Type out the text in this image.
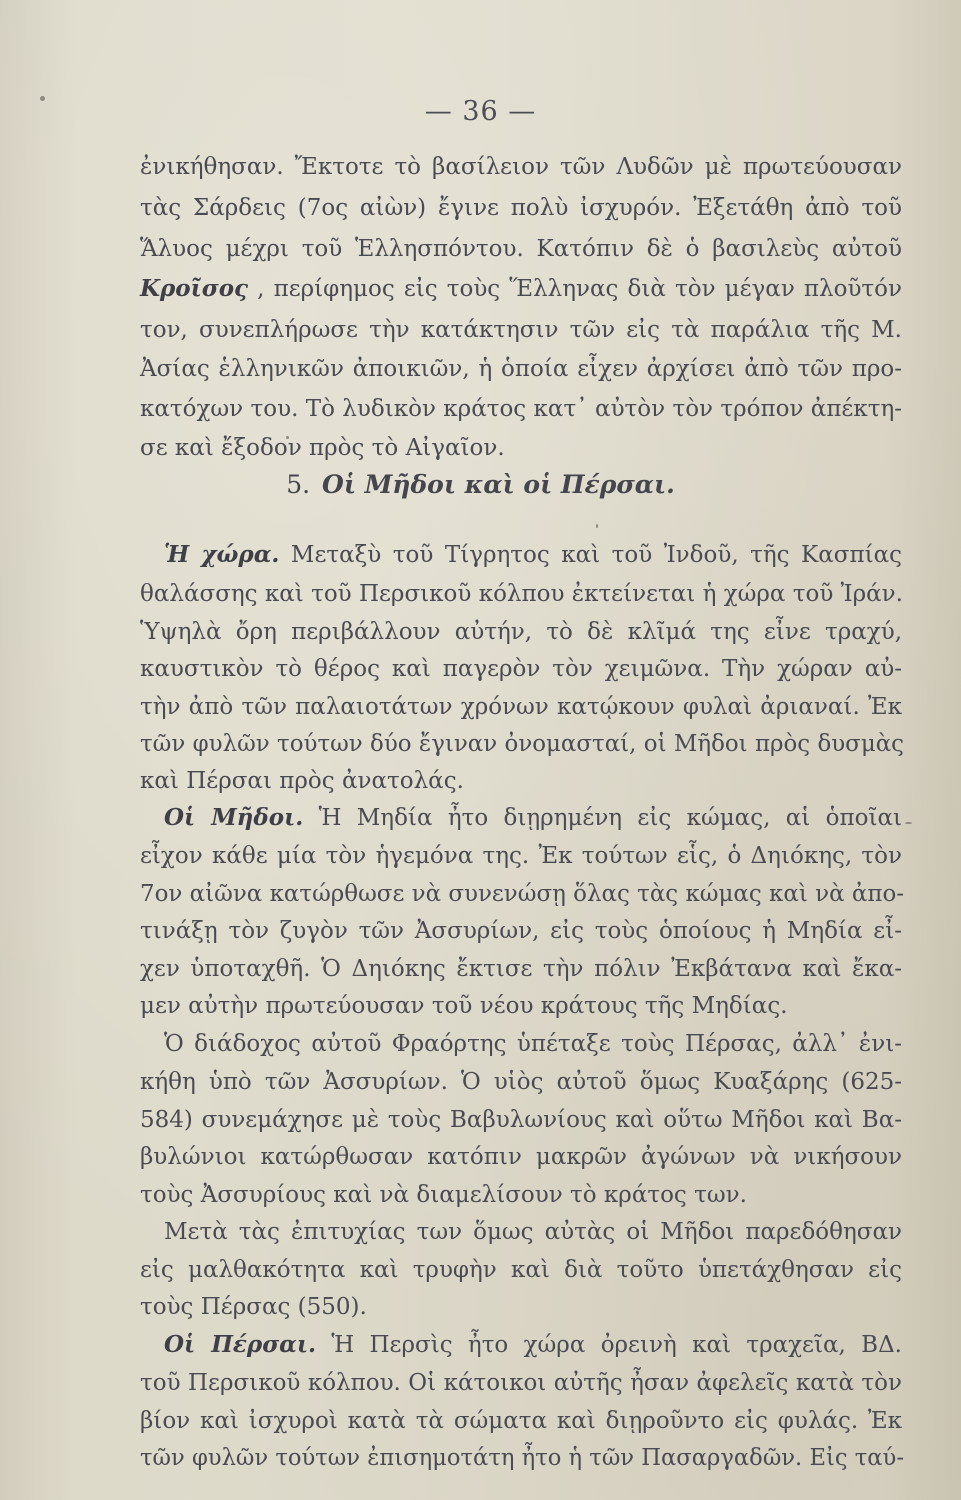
— 36 —
ἐνικήθησαν. Ἔκτοτε τὸ βασίλειον τῶν Λυδῶν μὲ πρωτεύουσαν
τὰς Σάρδεις (7ος αἰὼν) ἔγινε πολὺ ἰσχυρόν. Ἐξετάθη ἀπὸ τοῦ
Ἅλυος μέχρι τοῦ Ἑλλησπόντου. Κατόπιν δὲ ὁ βασιλεὺς αὐτοῦ
Κροῖσος , περίφημος εἰς τοὺς Ἕλληνας διὰ τὸν μέγαν πλοῦτόν
τον, συνεπλήρωσε τὴν κατάκτησιν τῶν εἰς τὰ παράλια τῆς Μ.
Ἀσίας ἑλληνικῶν ἀποικιῶν, ἡ ὁποία εἶχεν ἀρχίσει ἀπὸ τῶν προ-
κατόχων του. Τὸ λυδικὸν κράτος κατ᾿ αὐτὸν τὸν τρόπον ἀπέκτη-
σε καὶ ἔξοδον πρὸς τὸ Αἰγαῖον.
5. Οἱ Μῆδοι καὶ οἱ Πέρσαι.
Ἡ χώρα. Μεταξὺ τοῦ Τίγρητος καὶ τοῦ Ἰνδοῦ, τῆς Κασπίας
θαλάσσης καὶ τοῦ Περσικοῦ κόλπου ἐκτείνεται ἡ χώρα τοῦ Ἰράν.
Ὑψηλὰ ὄρη περιβάλλουν αὐτήν, τὸ δὲ κλῖμά της εἶνε τραχύ,
καυστικὸν τὸ θέρος καὶ παγερὸν τὸν χειμῶνα. Τὴν χώραν αὐ-
τὴν ἀπὸ τῶν παλαιοτάτων χρόνων κατῴκουν φυλαὶ ἀριαναί. Ἐκ
τῶν φυλῶν τούτων δύο ἔγιναν ὀνομασταί, οἱ Μῆδοι πρὸς δυσμὰς
καὶ Πέρσαι πρὸς ἀνατολάς.
Οἱ Μῆδοι. Ἡ Μηδία ἦτο διῃρημένη εἰς κώμας, αἱ ὁποῖαι
εἶχον κάθε μία τὸν ἡγεμόνα της. Ἐκ τούτων εἷς, ὁ Δηιόκης, τὸν
7ον αἰῶνα κατώρθωσε νὰ συνενώσῃ ὅλας τὰς κώμας καὶ νὰ ἀπο-
τινάξῃ τὸν ζυγὸν τῶν Ἀσσυρίων, εἰς τοὺς ὁποίους ἡ Μηδία εἶ-
χεν ὑποταχθῆ. Ὁ Δηιόκης ἔκτισε τὴν πόλιν Ἐκβάτανα καὶ ἔκα-
μεν αὐτὴν πρωτεύουσαν τοῦ νέου κράτους τῆς Μηδίας.
Ὁ διάδοχος αὐτοῦ Φραόρτης ὑπέταξε τοὺς Πέρσας, ἀλλ᾿ ἐνι-
κήθη ὑπὸ τῶν Ἀσσυρίων. Ὁ υἱὸς αὐτοῦ ὅμως Κυαξάρης (625-
584) συνεμάχησε μὲ τοὺς Βαβυλωνίους καὶ οὕτω Μῆδοι καὶ Βα-
βυλώνιοι κατώρθωσαν κατόπιν μακρῶν ἀγώνων νὰ νικήσουν
τοὺς Ἀσσυρίους καὶ νὰ διαμελίσουν τὸ κράτος των.
Μετὰ τὰς ἐπιτυχίας των ὅμως αὐτὰς οἱ Μῆδοι παρεδόθησαν
εἰς μαλθακότητα καὶ τρυφὴν καὶ διὰ τοῦτο ὑπετάχθησαν εἰς
τοὺς Πέρσας (550).
Οἱ Πέρσαι. Ἡ Περσὶς ἦτο χώρα ὀρεινὴ καὶ τραχεῖα, ΒΔ.
τοῦ Περσικοῦ κόλπου. Οἱ κάτοικοι αὐτῆς ἦσαν ἀφελεῖς κατὰ τὸν
βίον καὶ ἰσχυροὶ κατὰ τὰ σώματα καὶ διῃροῦντο εἰς φυλάς. Ἐκ
τῶν φυλῶν τούτων ἐπισημοτάτη ἦτο ἡ τῶν Πασαργαδῶν. Εἰς ταύ-
